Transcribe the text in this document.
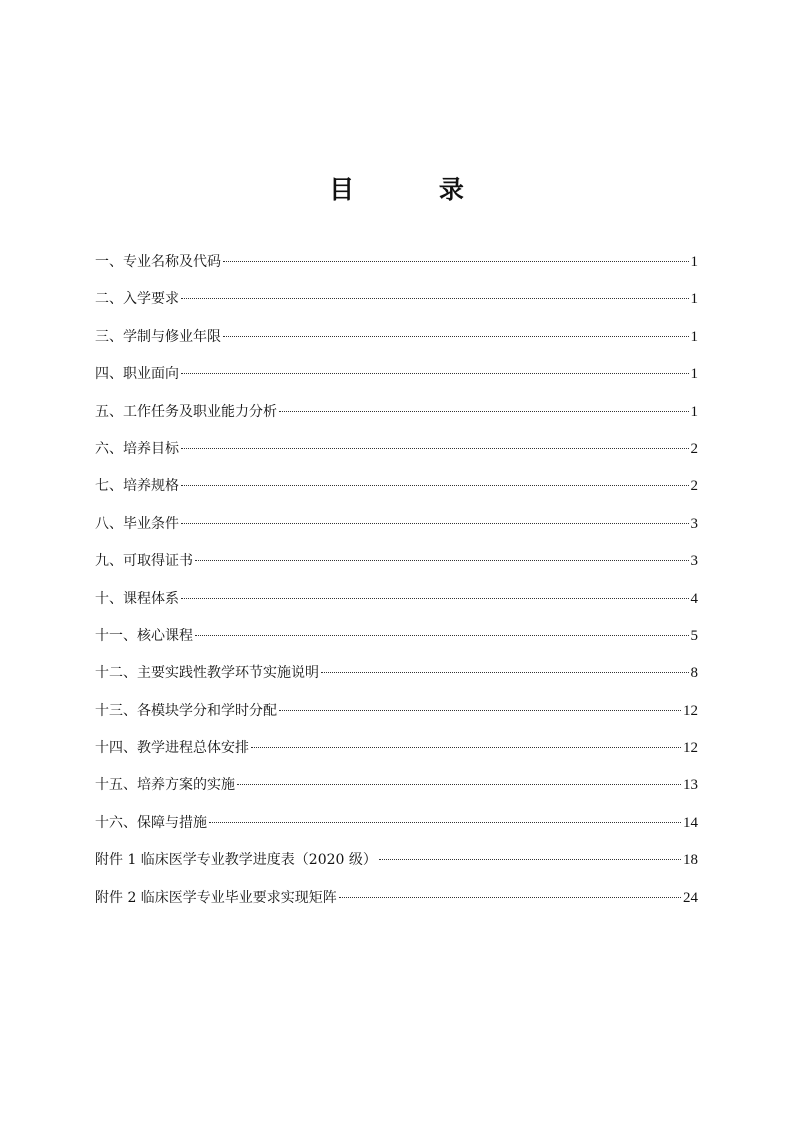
目 录
一、专业名称及代码	1
二、入学要求	1
三、学制与修业年限	1
四、职业面向	1
五、工作任务及职业能力分析	1
六、培养目标	2
七、培养规格	2
八、毕业条件	3
九、可取得证书	3
十、课程体系	4
十一、核心课程	5
十二、主要实践性教学环节实施说明	8
十三、各模块学分和学时分配	12
十四、教学进程总体安排	12
十五、培养方案的实施	13
十六、保障与措施	14
附件 1 临床医学专业教学进度表（2020 级）	18
附件 2 临床医学专业毕业要求实现矩阵	24
